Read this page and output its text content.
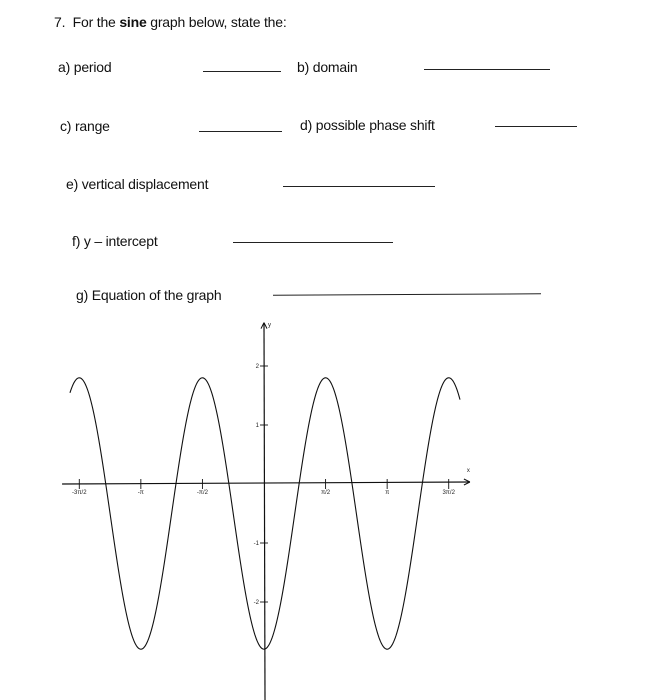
7. For the sine graph below, state the:
a) period	b) domain
c) range	d) possible phase shift
e) vertical displacement
f) y – intercept
g) Equation of the graph
x
y
-3π/2	-π	-π/2	π/2	π	3π/2
2
1
-1
-2
